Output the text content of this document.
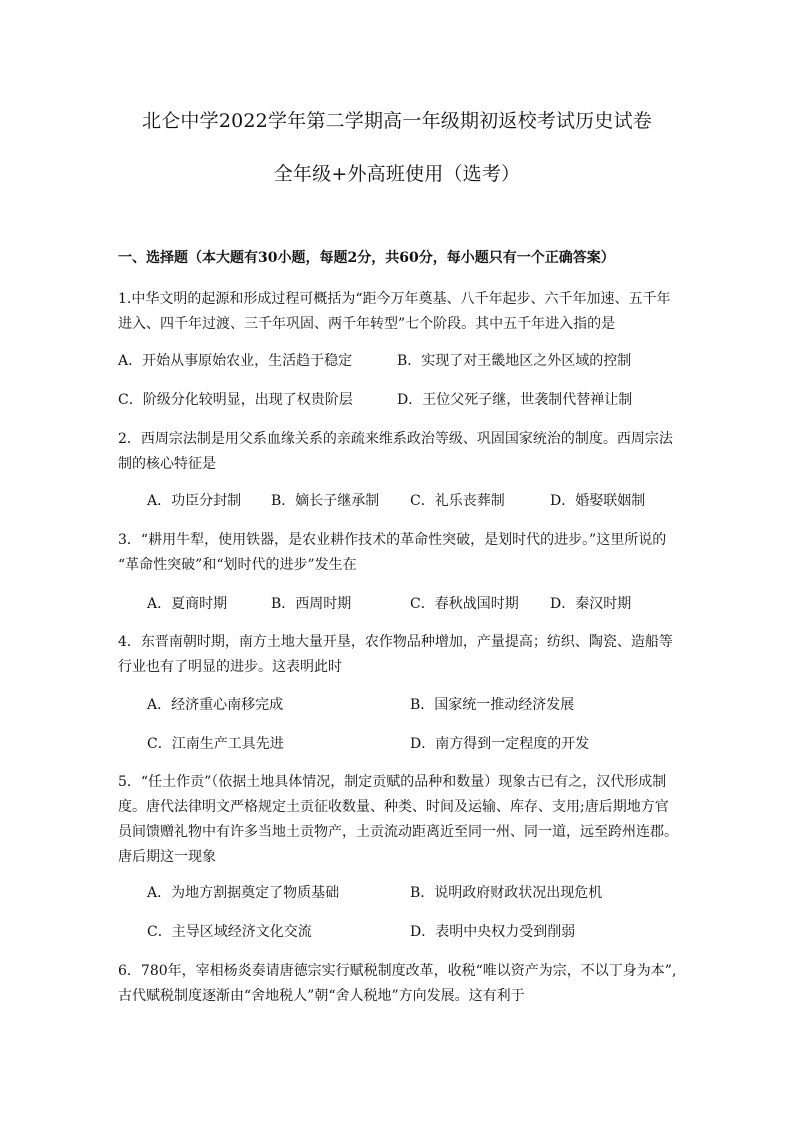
北仑中学2022学年第二学期高一年级期初返校考试历史试卷
全年级+外高班使用（选考）
一、选择题（本大题有30小题，每题2分，共60分，每小题只有一个正确答案）
1.中华文明的起源和形成过程可概括为“距今万年奠基、八千年起步、六千年加速、五千年
进入、四千年过渡、三千年巩固、两千年转型”七个阶段。其中五千年进入指的是
A．开始从事原始农业，生活趋于稳定	B．实现了对王畿地区之外区域的控制
C．阶级分化较明显，出现了权贵阶层	D．王位父死子继，世袭制代替禅让制
2．西周宗法制是用父系血缘关系的亲疏来维系政治等级、巩固国家统治的制度。西周宗法
制的核心特征是
A．功臣分封制 B．嫡长子继承制 C．礼乐丧葬制	D．婚娶联姻制
3．“耕用牛犁，使用铁器，是农业耕作技术的革命性突破，是划时代的进步。”这里所说的
“革命性突破”和“划时代的进步”发生在
A．夏商时期	B．西周时期	C．春秋战国时期 D．秦汉时期
4．东晋南朝时期，南方土地大量开垦，农作物品种增加，产量提高；纺织、陶瓷、造船等
行业也有了明显的进步。这表明此时
A．经济重心南移完成	B．国家统一推动经济发展
C．江南生产工具先进	D．南方得到一定程度的开发
5．“任土作贡”（依据土地具体情况，制定贡赋的品种和数量）现象古已有之，汉代形成制
度。唐代法律明文严格规定土贡征收数量、种类、时间及运输、库存、支用;唐后期地方官
员间馈赠礼物中有许多当地土贡物产，土贡流动距离近至同一州、同一道，远至跨州连郡。
唐后期这一现象
A．为地方割据奠定了物质基础	B．说明政府财政状况出现危机
C．主导区域经济文化交流	D．表明中央权力受到削弱
6．780年，宰相杨炎奏请唐德宗实行赋税制度改革，收税“唯以资产为宗，不以丁身为本”,
古代赋税制度逐渐由“舍地税人”朝“舍人税地”方向发展。这有利于
